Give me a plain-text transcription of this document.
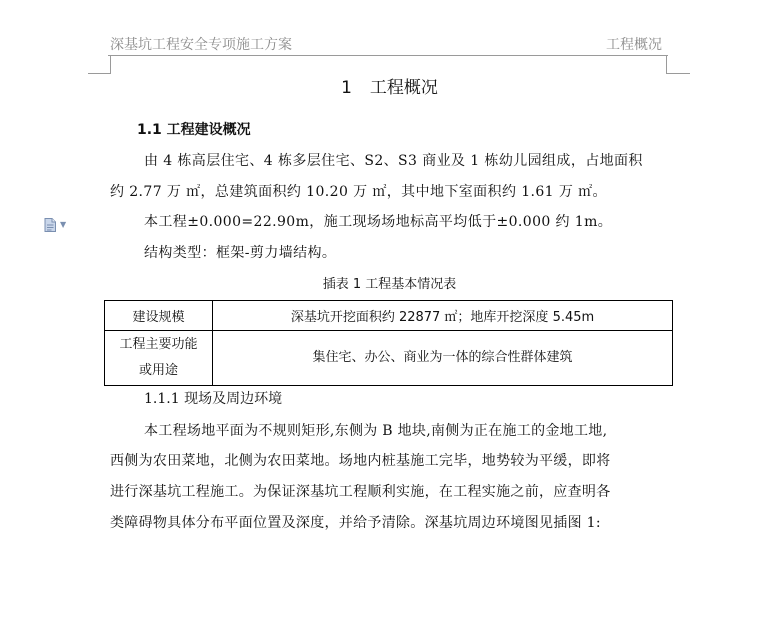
深基坑工程安全专项施工方案	工程概况
1 工程概况
1.1 工程建设概况
由 4 栋高层住宅、4 栋多层住宅、S2、S3 商业及 1 栋幼儿园组成，占地面积
约 2.77 万 ㎡，总建筑面积约 10.20 万 ㎡，其中地下室面积约 1.61 万 ㎡。
▼	本工程±0.000=22.90m，施工现场场地标高平均低于±0.000 约 1m。
结构类型：框架-剪力墙结构。
插表 1 工程基本情况表
建设规模	深基坑开挖面积约 22877 ㎡；地库开挖深度 5.45m

工程主要功能
或用途	集住宅、办公、商业为一体的综合性群体建筑
1.1.1 现场及周边环境
本工程场地平面为不规则矩形,东侧为 B 地块,南侧为正在施工的金地工地,
西侧为农田菜地，北侧为农田菜地。场地内桩基施工完毕，地势较为平缓，即将
进行深基坑工程施工。为保证深基坑工程顺利实施，在工程实施之前，应查明各
类障碍物具体分布平面位置及深度，并给予清除。深基坑周边环境图见插图 1:
